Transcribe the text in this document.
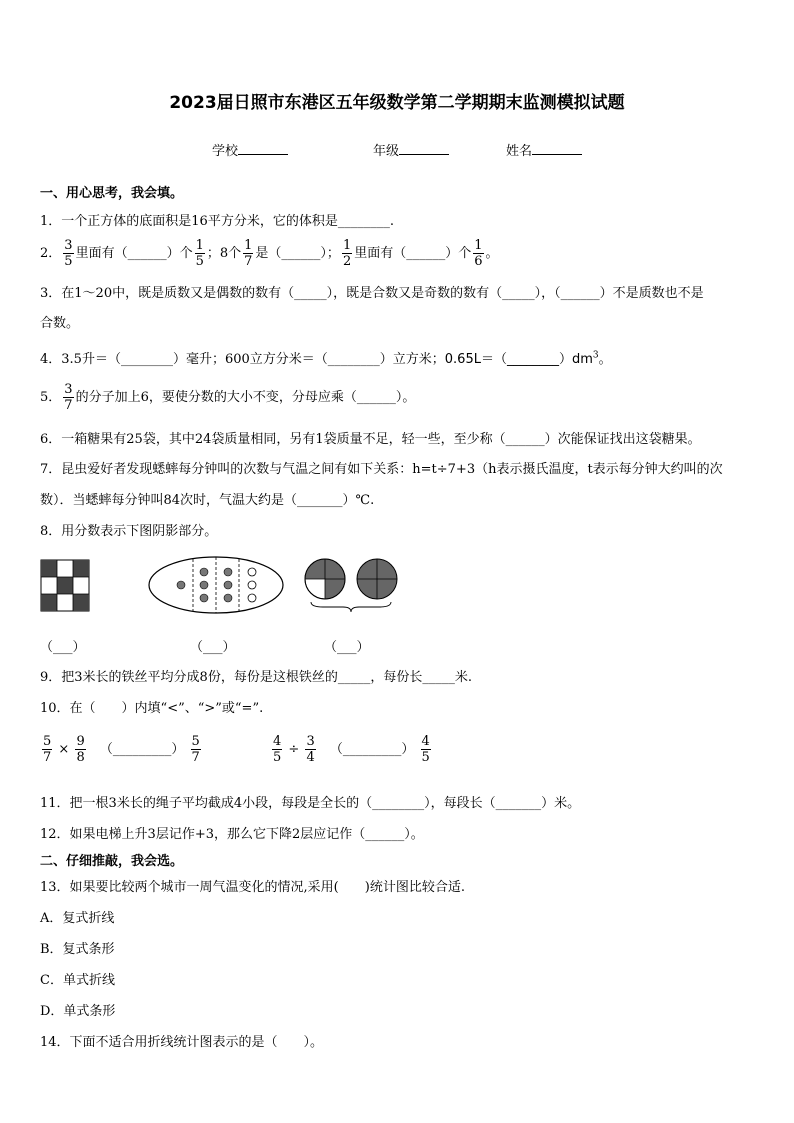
2023届日照市东港区五年级数学第二学期期末监测模拟试题
学校	年级	姓名
一、用心思考，我会填。
1．一个正方体的底面积是16平方分米，它的体积是________.
2． $\frac{3}{5}$ 里面有（______）个 $\frac{1}{5}$ ；8个 $\frac{1}{7}$ 是（______）； $\frac{1}{2}$ 里面有（______）个 $\frac{1}{6}$ 。
3．在1～20中，既是质数又是偶数的数有（_____），既是合数又是奇数的数有（_____），（______）不是质数也不是
合数。
4．3.5升＝（________）毫升；600立方分米＝（________）立方米；$0.65L=(\_\_\_\_\_\_\_\_)dm^3$。
5． $\frac{3}{7}$ 的分子加上6，要使分数的大小不变，分母应乘（______）。
6．一箱糖果有25袋，其中24袋质量相同，另有1袋质量不足，轻一些，至少称（______）次能保证找出这袋糖果。
7．昆虫爱好者发现蟋蟀每分钟叫的次数与气温之间有如下关系：h=t÷7+3（h表示摄氏温度，t表示每分钟大约叫的次
数）．当蟋蟀每分钟叫84次时，气温大约是（_______）℃.
8．用分数表示下图阴影部分。
（___）	（___）	（___）
9．把3米长的铁丝平均分成8份，每份是这根铁丝的_____，每份长_____米.
10．在（　　）内填“<”、“>”或“=”.
$\frac{5}{7} \times \frac{9}{8}$ （_________） $\frac{5}{7}$	$\frac{4}{5} \div \frac{3}{4}$ （_________） $\frac{4}{5}$
11．把一根3米长的绳子平均截成4小段，每段是全长的（________），每段长（_______）米。
12．如果电梯上升3层记作+3，那么它下降2层应记作（______）。
二、仔细推敲，我会选。
13．如果要比较两个城市一周气温变化的情况,采用(　　)统计图比较合适.
A．复式折线
B．复式条形
C．单式折线
D．单式条形
14．下面不适合用折线统计图表示的是（　　）。
